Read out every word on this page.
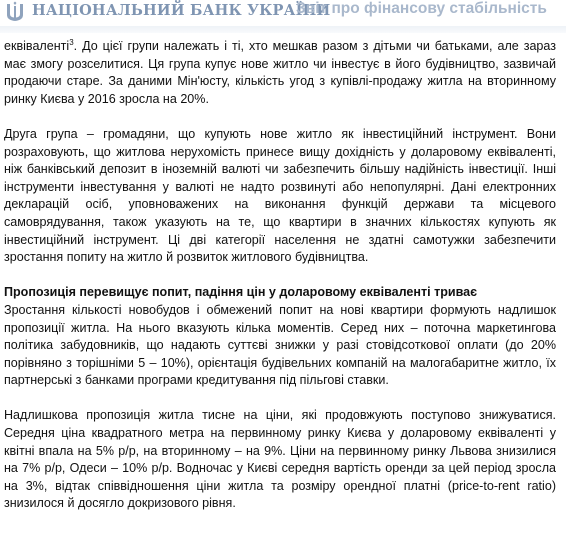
НАЦІОНАЛЬНИЙ БАНК УКРАЇНИ
Звіт про фінансову стабільність

еквіваленті$^3$. До цієї групи належать і ті, хто мешкав разом з дітьми чи батьками, але зараз має змогу розселитися. Ця група купує нове житло чи інвестує в його будівництво, зазвичай продаючи старе. За даними Мін'юсту, кількість угод з купівлі-продажу житла на вторинному ринку Києва у 2016 зросла на 20%.

Друга група – громадяни, що купують нове житло як інвестиційний інструмент. Вони розраховують, що житлова нерухомість принесе вищу дохідність у доларовому еквіваленті, ніж банківський депозит в іноземній валюті чи забезпечить більшу надійність інвестиції. Інші інструменти інвестування у валюті не надто розвинуті або непопулярні. Дані електронних декларацій осіб, уповноважених на виконання функцій держави та місцевого самоврядування, також указують на те, що квартири в значних кількостях купують як інвестиційний інструмент. Ці дві категорії населення не здатні самотужки забезпечити зростання попиту на житло й розвиток житлового будівництва.

Пропозиція перевищує попит, падіння цін у доларовому еквіваленті триває

Зростання кількості новобудов і обмежений попит на нові квартири формують надлишок пропозиції житла. На нього вказують кілька моментів. Серед них – поточна маркетингова політика забудовників, що надають суттєві знижки у разі стовідсоткової оплати (до 20% порівняно з торішніми 5 – 10%), орієнтація будівельних компаній на малогабаритне житло, їх партнерські з банками програми кредитування під пільгові ставки.

Надлишкова пропозиція житла тисне на ціни, які продовжують поступово знижуватися. Середня ціна квадратного метра на первинному ринку Києва у доларовому еквіваленті у квітні впала на 5% р/р, на вторинному – на 9%. Ціни на первинному ринку Львова знизилися на 7% р/р, Одеси – 10% р/р. Водночас у Києві середня вартість оренди за цей період зросла на 3%, відтак співвідношення ціни житла та розміру орендної платні (price-to-rent ratio) знизилося й досягло докризового рівня.
